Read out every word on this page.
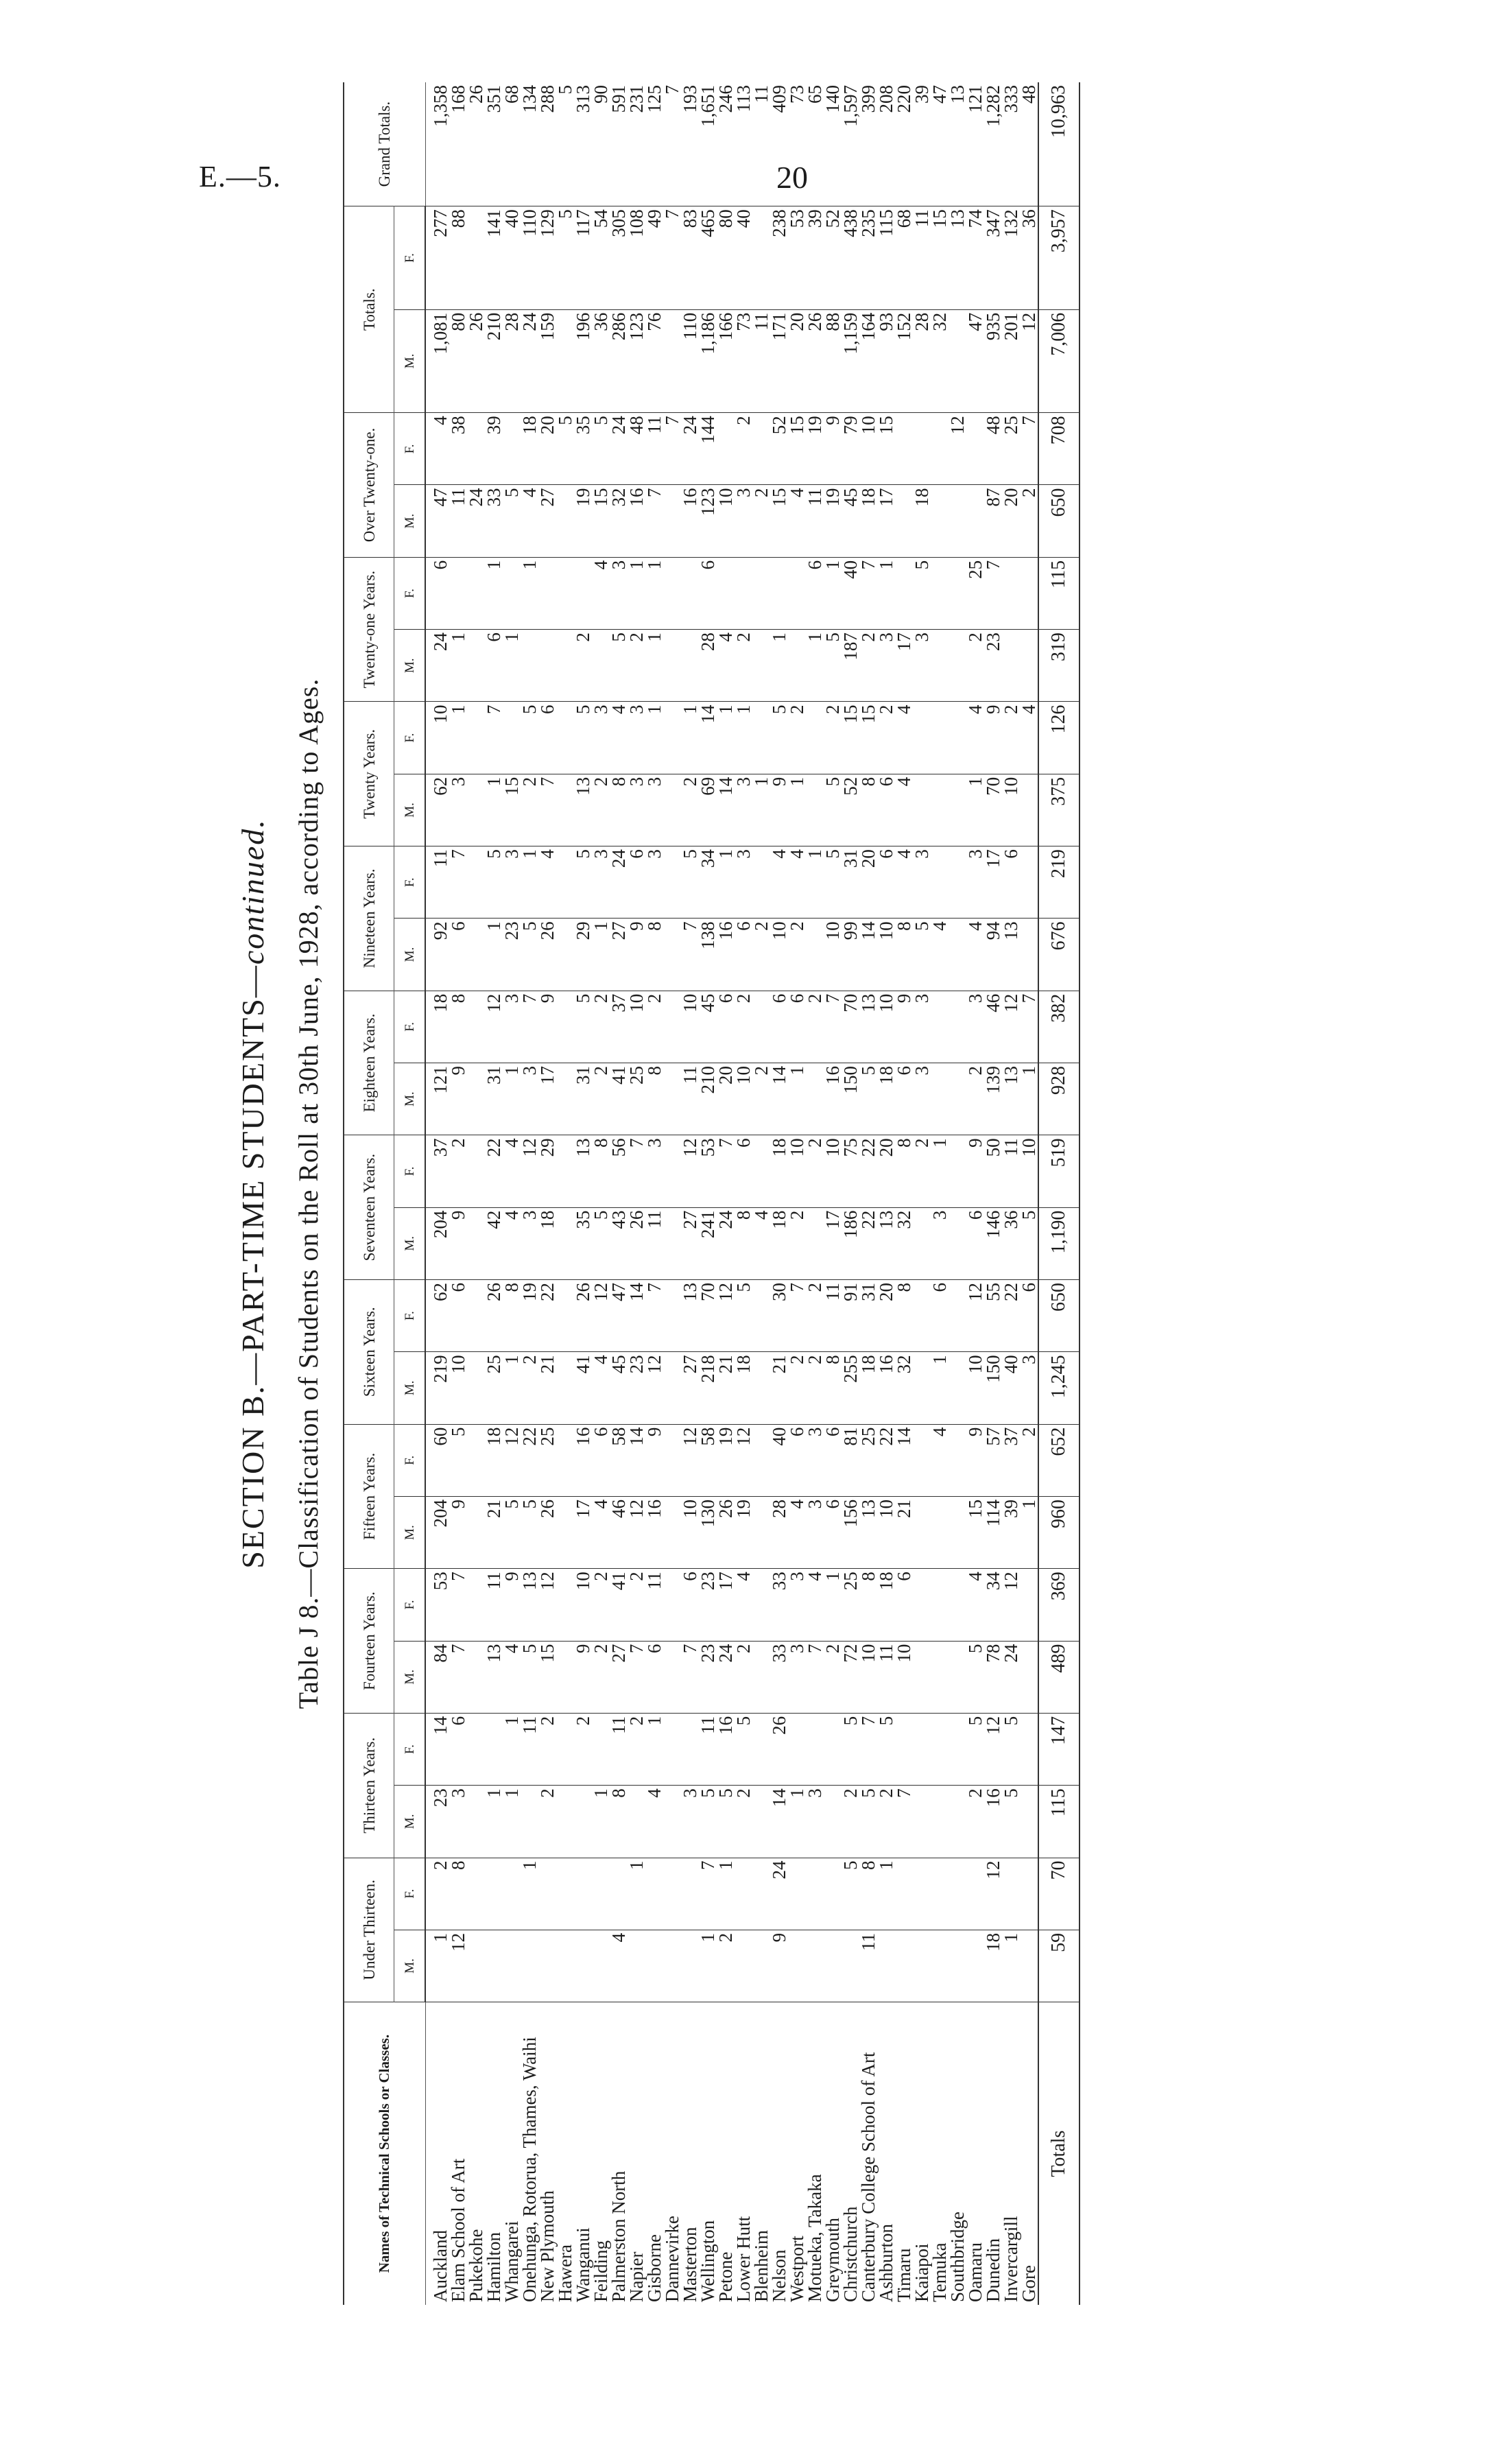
E.—5.	20
SECTION B.—PART-TIME STUDENTS—continued. Table J 8.—Classification of Students on the Roll at 30th June, 1928, according to Ages.
Names of Technical Schools or Classes.	Under Thirteen.		Thirteen Years.		Fourteen Years.		Fifteen Years.		Sixteen Years.		Seventeen Years.		Eighteen Years.		Nineteen Years.		Twenty Years.		Twenty-one Years.		Over Twenty-one.		Totals.		Grand Totals.
	M.	F.	M.	F.	M.	F.	M.	F.	M.	F.	M.	F.	M.	F.	M.	F.	M.	F.	M.	F.	M.	F.	M.	F.	
Auckland	1	2	23	14	84	53	204	60	219	62	204	37	121	18	92	11	62	10	24	6	47	4	1,081	277	1,358
Elam School of Art	12	8	3	6	7	7	9	5	10	6	9	2	9	8	6	7	3	1	1		11	38	80	88	168
Pukekohe																					24		26		26
Hamilton			1		13	11	21	18	25	26	42	22	31	12	1	5	1	7	6	1	33	39	210	141	351
Whangarei			1	1	4	9	5	12	1	8	4	4	1	3	23	3	15		1		5		28	40	68
Onehunga, Rotorua, Thames, Waihi		1		11	5	13	5	22	2	19	3	12	3	7	5	1	2	5		1	4	18	24	110	134
New Plymouth			2	2	15	12	26	25	21	22	18	29	17	9	26	4	7	6			27	20	159	129	288
Hawera																						5		5	5
Wanganui				2	9	10	17	16	41	26	35	13	31	5	29	5	13	5	2		19	35	196	117	313
Feilding			1		2	2	4	6	4	12	5	8	2	2	1	3	2	3		4	15	5	36	54	90
Palmerston North	4		8	11	27	41	46	58	45	47	43	56	41	37	27	24	8	4	5	3	32	24	286	305	591
Napier		1		2	7	2	12	14	23	14	26	7	25	10	9	6	3	3	2	1	16	48	123	108	231
Gisborne			4	1	6	11	16	9	12	7	11	3	8	2	8	3	3	1	1	1	7	11	76	49	125
Dannevirke																						7		7	7
Masterton			3		7	6	10	12	27	13	27	12	11	10	7	5	2	1			16	24	110	83	193
Wellington	1	7	5	11	23	23	130	58	218	70	241	53	210	45	138	34	69	14	28	6	123	144	1,186	465	1,651
Petone	2	1	5	16	24	17	26	19	21	12	24	7	20	6	16	1	14	1	4		10		166	80	246
Lower Hutt			2	5	2	4	19	12	18	5	8	6	10	2	6	3	3	1	2		3	2	73	40	113
Blenheim											4		2		2		1				2		11		11
Nelson	9	24	14	26	33	33	28	40	21	30	18	18	14	6	10	4	9	5	1		15	52	171	238	409
Westport			1		3	3	4	6	2	7	2	10	1	6	2	4	1	2			4	15	20	53	73
Motueka, Takaka			3		7	4	3	3	2	2		2		2		1			1	6	11	19	26	39	65
Greymouth					2	1	6	6	8	11	17	10	16	7	10	5	5	2	5	1	19	9	88	52	140
Christchurch		5	2	5	72	25	156	81	255	91	186	75	150	70	99	31	52	15	187	40	45	79	1,159	438	1,597
Canterbury College School of Art	11	8	5	7	10	8	13	25	18	31	22	22	5	13	14	20	8	15	2	7	18	10	164	235	399
Ashburton		1	2	5	11	18	10	22	16	20	13	20	18	10	10	6	6	2	3	1	17	15	93	115	208
Timaru			7		10	6	21	14	32	8	32	8	6	9	8	4	4	4	17				152	68	220
Kaiapoi												2	3	3	5	3			3	5	18		28	11	39
Temuka								4	1	6	3	1			4								32	15	47
Southbridge																						12		13	13
Oamaru			2	5	5	4	15	9	10	12	6	9	2	3	4	3	1	4	2	25			47	74	121
Dunedin	18	12	16	12	78	34	114	57	150	55	146	50	139	46	94	17	70	9	23	7	87	48	935	347	1,282
Invercargill	1		5	5	24	12	39	37	40	22	36	11	13	12	13	6	10	2			20	25	201	132	333
Gore							1	2	3	6	5	10	1	7				4			2	7	12	36	48
Totals	59	70	115	147	489	369	960	652	1,245	650	1,190	519	928	382	676	219	375	126	319	115	650	708	7,006	3,957	10,963
